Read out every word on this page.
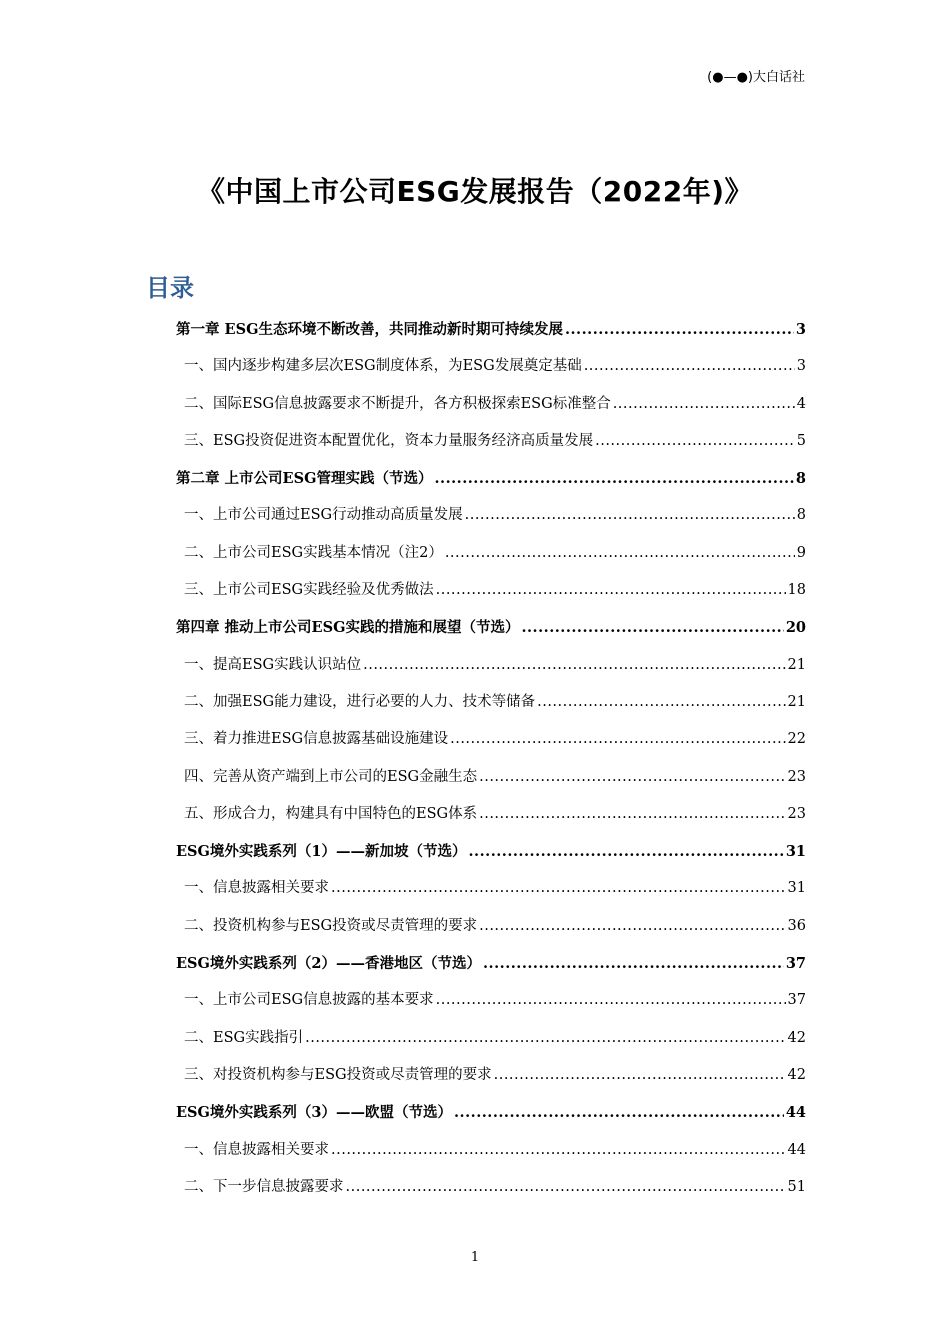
(●—●)大白话社
《中国上市公司ESG发展报告（2022年)》
目录
第一章 ESG生态环境不断改善，共同推动新时期可持续发展 .....	3
一、国内逐步构建多层次ESG制度体系，为ESG发展奠定基础 .....	3
二、国际ESG信息披露要求不断提升，各方积极探索ESG标准整合 .....	4
三、ESG投资促进资本配置优化，资本力量服务经济高质量发展 .....	5
第二章 上市公司ESG管理实践（节选） .....	8
一、上市公司通过ESG行动推动高质量发展 .....	8
二、上市公司ESG实践基本情况（注2） .....	9
三、上市公司ESG实践经验及优秀做法 .....	18
第四章 推动上市公司ESG实践的措施和展望（节选） .....	20
一、提高ESG实践认识站位 .....	21
二、加强ESG能力建设，进行必要的人力、技术等储备 .....	21
三、着力推进ESG信息披露基础设施建设 .....	22
四、完善从资产端到上市公司的ESG金融生态 .....	23
五、形成合力，构建具有中国特色的ESG体系 .....	23
ESG境外实践系列（1）——新加坡（节选） .....	31
一、信息披露相关要求 .....	31
二、投资机构参与ESG投资或尽责管理的要求 .....	36
ESG境外实践系列（2）——香港地区（节选） .....	37
一、上市公司ESG信息披露的基本要求 .....	37
二、ESG实践指引 .....	42
三、对投资机构参与ESG投资或尽责管理的要求 .....	42
ESG境外实践系列（3）——欧盟（节选） .....	44
一、信息披露相关要求 .....	44
二、下一步信息披露要求 .....	51
1
